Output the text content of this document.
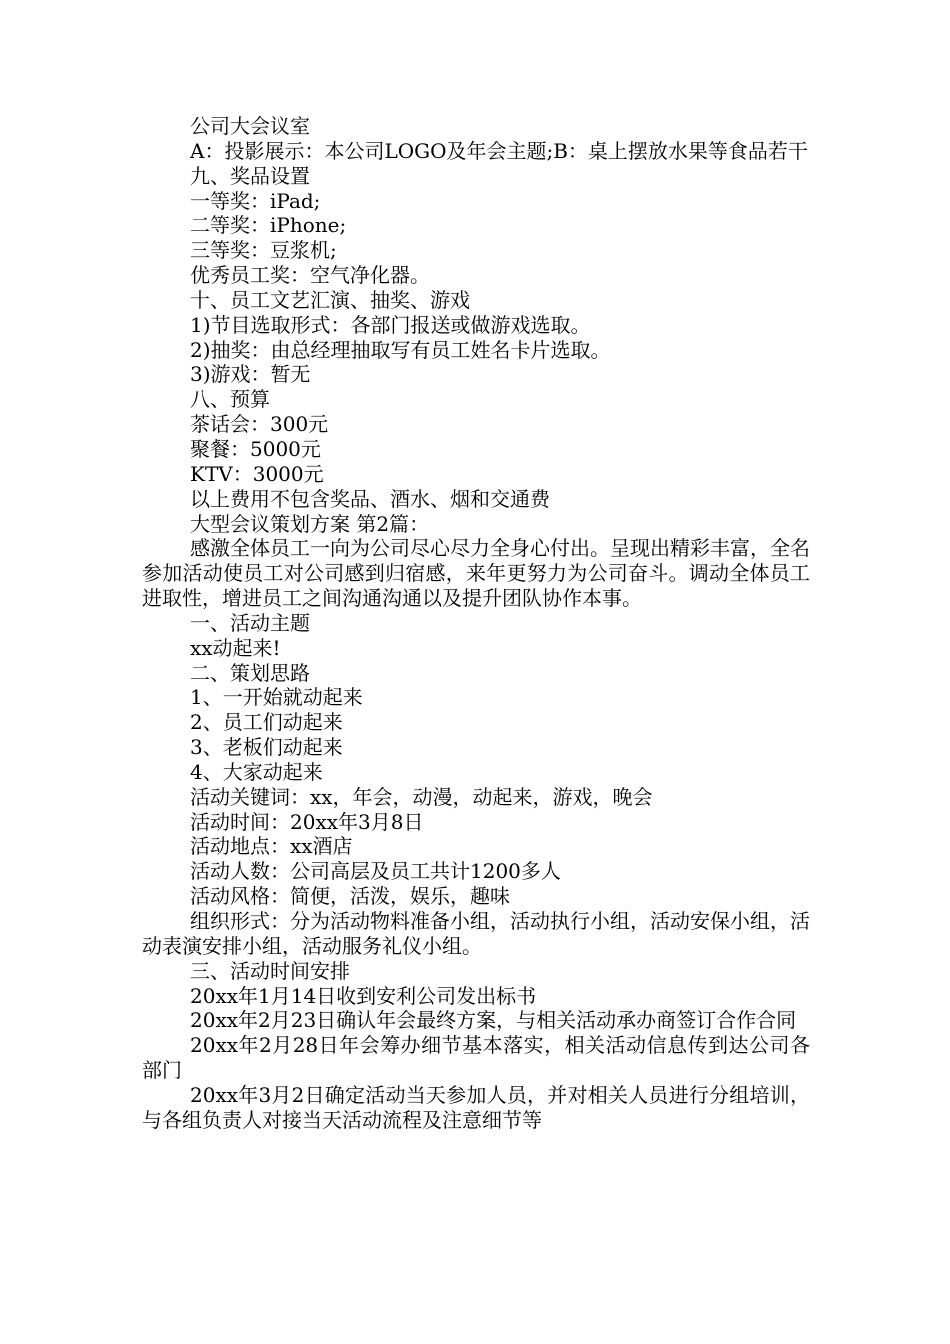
公司大会议室

A：投影展示：本公司LOGO及年会主题;B：桌上摆放水果等食品若干

九、奖品设置

一等奖：iPad;

二等奖：iPhone;

三等奖：豆浆机;

优秀员工奖：空气净化器。

十、员工文艺汇演、抽奖、游戏

1)节目选取形式：各部门报送或做游戏选取。

2)抽奖：由总经理抽取写有员工姓名卡片选取。

3)游戏：暂无

八、预算

茶话会：300元

聚餐：5000元

KTV：3000元

以上费用不包含奖品、酒水、烟和交通费

大型会议策划方案 第2篇：

感激全体员工一向为公司尽心尽力全身心付出。呈现出精彩丰富，全名参加活动使员工对公司感到归宿感，来年更努力为公司奋斗。调动全体员工进取性，增进员工之间沟通沟通以及提升团队协作本事。

一、活动主题

xx动起来!

二、策划思路

1、一开始就动起来

2、员工们动起来

3、老板们动起来

4、大家动起来

活动关键词：xx，年会，动漫，动起来，游戏，晚会

活动时间：20xx年3月8日

活动地点：xx酒店

活动人数：公司高层及员工共计1200多人

活动风格：简便，活泼，娱乐，趣味

组织形式：分为活动物料准备小组，活动执行小组，活动安保小组，活动表演安排小组，活动服务礼仪小组。

三、活动时间安排

20xx年1月14日收到安利公司发出标书

20xx年2月23日确认年会最终方案，与相关活动承办商签订合作合同

20xx年2月28日年会筹办细节基本落实，相关活动信息传到达公司各部门

20xx年3月2日确定活动当天参加人员，并对相关人员进行分组培训，与各组负责人对接当天活动流程及注意细节等
